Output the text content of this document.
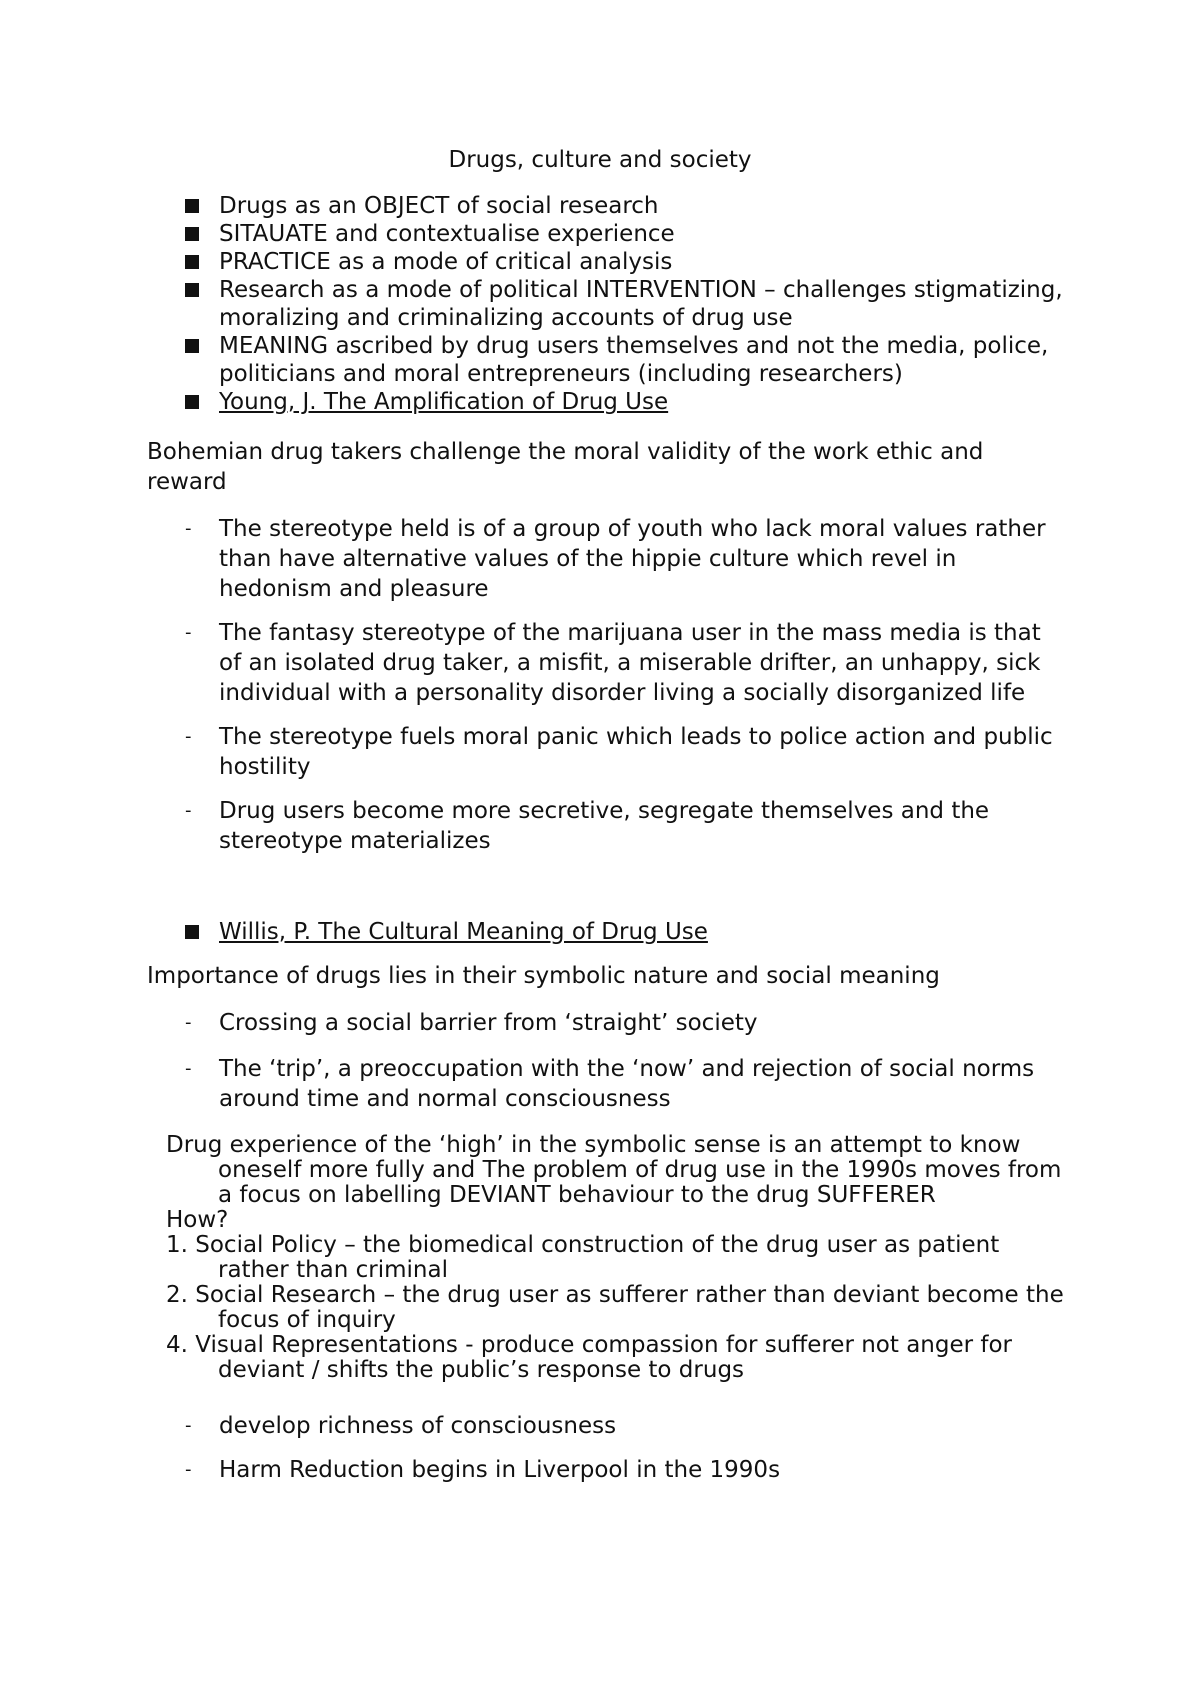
Drugs, culture and society
Drugs as an OBJECT of social research
SITAUATE and contextualise experience
PRACTICE as a mode of critical analysis
Research as a mode of political INTERVENTION – challenges stigmatizing, moralizing and criminalizing accounts of drug use
MEANING ascribed by drug users themselves and not the media, police, politicians and moral entrepreneurs (including researchers)
Young, J. The Amplification of Drug Use
Bohemian drug takers challenge the moral validity of the work ethic and reward
- The stereotype held is of a group of youth who lack moral values rather than have alternative values of the hippie culture which revel in hedonism and pleasure
- The fantasy stereotype of the marijuana user in the mass media is that of an isolated drug taker, a misfit, a miserable drifter, an unhappy, sick individual with a personality disorder living a socially disorganized life
- The stereotype fuels moral panic which leads to police action and public hostility
- Drug users become more secretive, segregate themselves and the stereotype materializes
Willis, P. The Cultural Meaning of Drug Use
Importance of drugs lies in their symbolic nature and social meaning
- Crossing a social barrier from ‘straight’ society
- The ‘trip’, a preoccupation with the ‘now’ and rejection of social norms around time and normal consciousness
Drug experience of the ‘high’ in the symbolic sense is an attempt to know oneself more fully and The problem of drug use in the 1990s moves from a focus on labelling DEVIANT behaviour to the drug SUFFERER
How?
1. Social Policy – the biomedical construction of the drug user as patient rather than criminal
2. Social Research – the drug user as sufferer rather than deviant become the focus of inquiry
4. Visual Representations - produce compassion for sufferer not anger for deviant / shifts the public’s response to drugs
- develop richness of consciousness
- Harm Reduction begins in Liverpool in the 1990s
